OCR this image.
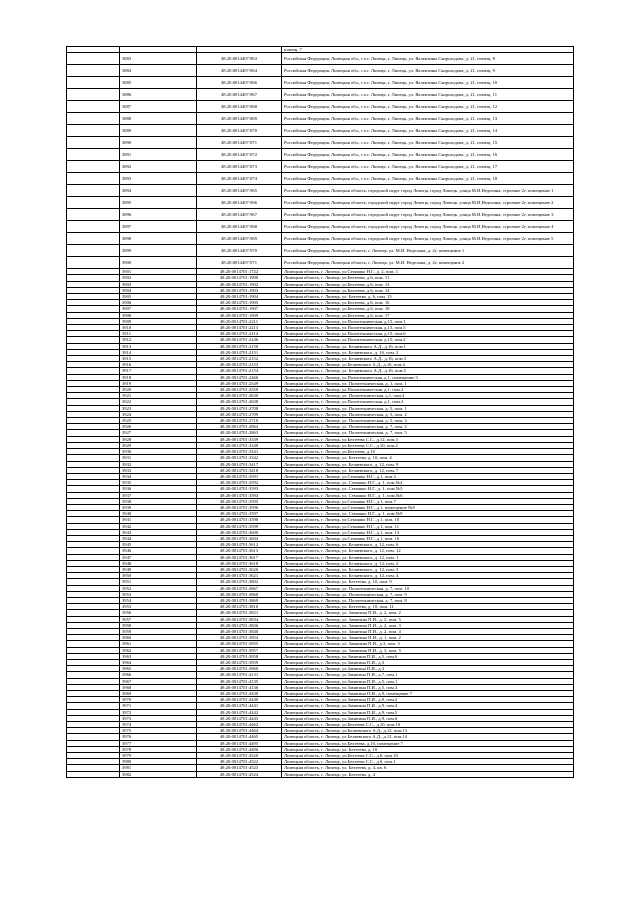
			помещ. 7
	3883	48:20:0014407:863	Российская Федерация, Липецкая обл., г.о.г. Липецк, г. Липецк, ул. Валентины Скороходова, д. 21, помещ. 8
	3884	48:20:0014407:864	Российская Федерация, Липецкая обл., г.о.г. Липецк, г. Липецк, ул. Валентины Скороходова, д. 21, помещ. 9
	3885	48:20:0014407:866	Российская Федерация, Липецкая обл., г.о.г. Липецк, г. Липецк, ул. Валентины Скороходова, д. 21, помещ. 10
	3886	48:20:0014407:867	Российская Федерация, Липецкая обл., г.о.г. Липецк, г. Липецк, ул. Валентины Скороходова, д. 21, помещ. 11
	3887	48:20:0014407:868	Российская Федерация, Липецкая обл., г.о.г. Липецк, г. Липецк, ул. Валентины Скороходова, д. 21, помещ. 12
	3888	48:20:0014407:869	Российская Федерация, Липецкая обл., г.о.г. Липецк, г. Липецк, ул. Валентины Скороходова, д. 21, помещ. 13
	3889	48:20:0014407:870	Российская Федерация, Липецкая обл., г.о.г. Липецк, г. Липецк, ул. Валентины Скороходова, д. 21, помещ. 14
	3890	48:20:0014407:871	Российская Федерация, Липецкая обл., г.о.г. Липецк, г. Липецк, ул. Валентины Скороходова, д. 21, помещ. 15
	3891	48:20:0014407:872	Российская Федерация, Липецкая обл., г.о.г. Липецк, г. Липецк, ул. Валентины Скороходова, д. 21, помещ. 16
	3892	48:20:0014407:873	Российская Федерация, Липецкая обл., г.о.г. Липецк, г. Липецк, ул. Валентины Скороходова, д. 21, помещ. 17
	3893	48:20:0014407:874	Российская Федерация, Липецкая обл., г.о.г. Липецк, г. Липецк, ул. Валентины Скороходова, д. 21, помещ. 18
	3894	48:20:0014407:965	Российская Федерация, Липецкая область, городской округ город Липецк, город Липецк, улица М.И.Неделина, строение 2т, помещение 1
	3895	48:20:0014407:966	Российская Федерация, Липецкая область, городской округ город Липецк, город Липецк, улица М.И.Неделина, строение 2т, помещение 2
	3896	48:20:0014407:967	Российская Федерация, Липецкая область, городской округ город Липецк, город Липецк, улица М.И.Неделина, строение 2т, помещение 3
	3897	48:20:0014407:968	Российская Федерация, Липецкая область, городской округ город Липецк, город Липецк, улица М.И.Неделина, строение 2т, помещение 4
	3898	48:20:0014407:969	Российская Федерация, Липецкая область, городской округ город Липецк, город Липецк, улица М.И.Неделина, строение 2т, помещение 5
	3899	48:20:0014407:970	Российская Федерация, Липецкая область, г. Липецк, ул. М.И. Неделина, д. 2т, помещение 1
	3900	48:20:0014407:971	Российская Федерация, Липецкая область, г. Липецк, ул. М.И. Неделина, д. 2т, помещение 2
	3901	48:20:0014701:1722	Липецкая область, г. Липецк, ул.Семашко Н.Г., д. 2, пом. 1
	3902	48:20:0014701:1900	Липецкая область, г. Липецк, ул.Бехтеева, д.6, пом. 11
	3903	48:20:0014701:1902	Липецкая область, г. Липецк, ул.Бехтеева, д.6, пом. 13
	3904	48:20:0014701:1903	Липецкая область, г. Липецк, ул.Бехтеева, д.6, пом. 14
	3905	48:20:0014701:1904	Липецкая область, г. Липецк, ул. Бехтеева, д. 6, пом. 15
	3906	48:20:0014701:1905	Липецкая область, г. Липецк, ул.Бехтеева, д.6, пом. 16
	3907	48:20:0014701:1907	Липецкая область, г. Липецк, ул.Бехтеева, д.6, пом. 18
	3908	48:20:0014701:1909	Липецкая область, г. Липецк, ул.Бехтеева, д.6, пом. 17
	3909	48:20:0014701:2211	Липецкая область, г. Липецк, ул.Политехническая, д.15, пом.1
	3910	48:20:0014701:2213	Липецкая область, г. Липецк, ул.Политехническая, д.15, пом.5
	3911	48:20:0014701:2214	Липецкая область, г. Липецк, ул.Политехническая, д.15, пом.6
	3912	48:20:0014701:2246	Липецкая область, г. Липецк, ул.Политехническая, д.15, пом.2
	3913	48:20:0014701:2150	Липецкая область, г. Липецк, ул. Беляевского А.Д., д.16, пом.1
	3914	48:20:0014701:2151	Липецкая область, г. Липецк, ул. Беляевского, д. 16, пом. 2
	3915	48:20:0014701:2152	Липецкая область, г. Липецк, ул. Беляевского А.Д., д.16, пом.3
	3916	48:20:0014701:2153	Липецкая область, г. Липецк, ул.Беляевского А.Д., д.16, пом.4
	3917	48:20:0014701:2154	Липецкая область, г. Липецк, ул. Беляевского А.Д., д.16, пом.5
	3918	48:20:0014701:2466	Липецкая область, г. Липецк, ул.Политехническая, д.1, помещение 3
	3919	48:20:0014701:2549	Липецкая область, г. Липецк, ул. Политехническая, д. 1, пом. 1
	3920	48:20:0014701:2550	Липецкая область, г. Липецк, ул.Политехническая, д.1, пом.2
	3921	48:20:0014701:2630	Липецкая область, г. Липецк, ул. Политехническая, д.1, пом.4
	3922	48:20:0014701:2638	Липецкая область, г. Липецк, ул.Политехническая, д.1, пом.2
	3923	48:20:0014701:2708	Липецкая область, г. Липецк, ул. Политехническая, д. 5, пом. 1
	3924	48:20:0014701:2709	Липецкая область, г. Липецк, ул. Политехническая, д. 5, пом. 2
	3925	48:20:0014701:2710	Липецкая область, г. Липецк, ул. Политехническая, д. 5, пом. 3
	3926	48:20:0014701:2864	Липецкая область, г. Липецк, ул. Политехническая, д. 7, пом. 2
	3927	48:20:0014701:2863	Липецкая область, г. Липецк, ул. Политехническая, д. 7, пом. 5
	3928	48:20:0014701:3339	Липецкая область, г. Липецк, ул.Бехтеева С.С., д.12, пом.3
	3929	48:20:0014701:3340	Липецкая область, г. Липецк, ул.Бехтеева С.С., д.10, пом.2
	3930	48:20:0014701:3341	Липецкая область, г. Липецк, ул.Бехтеева, д.10
	3931	48:20:0014701:3342	Липецкая область, г. Липецк, ул. Бехтеева, д. 10, пом. 4
	3932	48:20:0014701:3417	Липецкая область, г. Липецк, ул. Беляевского, д. 12, пом. 9
	3933	48:20:0014701:3418	Липецкая область, г. Липецк, ул. Беляевского, д. 12, пом. 7
	3934	48:20:0014701:3591	Липецкая область, г. Липецк, ул.Семашко Н.Г., д.1, пом.3
	3935	48:20:0014701:3592	Липецкая область, г. Липецк, ул. Семашко Н.Г., д. 1, пом.№4
	3936	48:20:0014701:3593	Липецкая область, г. Липецк, ул. Семашко Н.Г., д. 1, пом.№5
	3937	48:20:0014701:3594	Липецкая область, г. Липецк, ул. Семашко Н.Г., д. 1, пом.№6
	3938	48:20:0014701:3595	Липецкая область, г. Липецк, ул.Семашко Н.Г., д.1, пом.7
	3939	48:20:0014701:3596	Липецкая область, г. Липецк, ул.Семашко Н.Г., д.1, помещение №8
	3940	48:20:0014701:3597	Липецкая область, г. Липецк, ул. Семашко Н.Г., д. 1, пом.№9
	3941	48:20:0014701:3598	Липецкая область, г. Липецк, ул.Семашко Н.Г., д.1, пом. 10
	3942	48:20:0014701:3599	Липецкая область, г. Липецк, ул.Семашко Н.Г., д.1, пом. 11
	3943	48:20:0014701:3600	Липецкая область, г. Липецк, ул.Семашко Н.Г., д.1, пом. 13
	3944	48:20:0014701:3604	Липецкая область, г. Липецк, ул.Семашко Н.Г., д.1, пом. 16
	3945	48:20:0014701:3612	Липецкая область, г. Липецк, ул. Беляевского, д. 12, пом. 6
	3946	48:20:0014701:3613	Липецкая область, г. Липецк, ул. Беляевского, д. 12, пом. 12
	3947	48:20:0014701:3617	Липецкая область, г. Липецк, ул. Беляевского, д. 12, пом. 1
	3948	48:20:0014701:3618	Липецкая область, г. Липецк, ул. Беляевского, д. 12, пом. 2
	3949	48:20:0014701:3620	Липецкая область, г. Липецк, ул. Беляевского, д. 12, пом. 3
	3950	48:20:0014701:3621	Липецкая область, г. Липецк, ул. Беляевского, д. 12, пом. 4
	3951	48:20:0014701:3802	Липецкая область, г. Липецк, ул. Бехтеева, д. 10, пом. 9
	3952	48:20:0014701:3867	Липецкая область, г. Липецк, ул. Политехническая, д. 7, пом. 10
	3953	48:20:0014701:3868	Липецкая область, г. Липецк, ул. Политехническая, д. 7, пом. 9
	3954	48:20:0014701:3869	Липецкая область, г. Липецк, ул. Политехническая, д. 7, пом. 8
	3955	48:20:0014701:3810	Липецкая область, г. Липецк, ул. Бехтеева, д. 10, пом. 11
	3956	48:20:0014701:3821	Липецкая область, г. Липецк, ул. Замятина П.И., д. 2, пом. 2
	3957	48:20:0014701:3834	Липецкая область, г. Липецк, ул. Замятина П.И., д. 2, пом. 5
	3958	48:20:0014701:3836	Липецкая область, г. Липецк, ул. Замятина П.И., д. 2, пом. 3
	3959	48:20:0014701:3840	Липецкая область, г. Липецк, ул. Замятина П.И., д. 2, пом. 4
	3960	48:20:0014701:3954	Липецкая область, г. Липецк, ул. Замятина П.И., д. 1, пом. 2
	3961	48:20:0014701:3955	Липецкая область, г. Липецк, ул. Замятина П.И., д.3, пом. 3
	3962	48:20:0014701:3957	Липецкая область, г. Липецк, ул. Замятина П.И., д. 3, пом. 5
	3963	48:20:0014701:3958	Липецкая область, г. Липецк, ул.Замятина П.И., д.5, пом.6
	3964	48:20:0014701:3959	Липецкая область, г. Липецк, ул.Замятина П.И., д.3
	3965	48:20:0014701:3960	Липецкая область, г. Липецк, ул.Замятина П.И., д.3
	3966	48:20:0014701:4131	Липецкая область, г. Липецк, ул.Замятина П.И., д.7, пом.1
	3967	48:20:0014701:4135	Липецкая область, г. Липецк, ул.Замятина П.И., д.5, пом.1
	3968	48:20:0014701:4136	Липецкая область, г. Липецк, ул.Замятина П.И., д.5, пом.3
	3969	48:20:0014701:4438	Липецкая область, г. Липецк, ул.Замятина П.И., д.9, помещение 7
	3970	48:20:0014701:4440	Липецкая область, г. Липецк, ул.Замятина П.И., д.9, пом.2
	3971	48:20:0014701:4441	Липецкая область, г. Липецк, ул.Замятина П.И., д.9, пом.4
	3972	48:20:0014701:4442	Липецкая область, г. Липецк, ул.Замятина П.И., д.9, пом.5
	3973	48:20:0014701:4443	Липецкая область, г. Липецк, ул.Замятина П.И., д.9, пом.6
	3974	48:20:0014701:4462	Липецкая область, г. Липецк, ул.Бехтеева С.С., д.10, пом.10
	3975	48:20:0014701:4464	Липецкая область, г. Липецк, ул.Беляевского А.Д., д.12, пом.13
	3976	48:20:0014701:4465	Липецкая область, г. Липецк, ул.Беляевского А.Д., д.12, пом.14
	3977	48:20:0014701:4495	Липецкая область, г. Липецк, ул.Бехтеева, д.10, помещение 7
	3978	48:20:0014701:4496	Липецкая область, г. Липецк, ул. Бехтеева, д. 10
	3979	48:20:0014701:4520	Липецкая область, г. Липецк, ул.Бехтеева С.С., д.6, пом.10
	3980	48:20:0014701:4522	Липецкая область, г. Липецк, ул.Бехтеева С.С., д.6, пом.1
	3981	48:20:0014701:4523	Липецкая область, г. Липецк, ул. Бехтеева, д. 4, кв. 6
	3982	48:20:0014701:4524	Липецкая область, г. Липецк, ул. Бехтеева, д. 4
